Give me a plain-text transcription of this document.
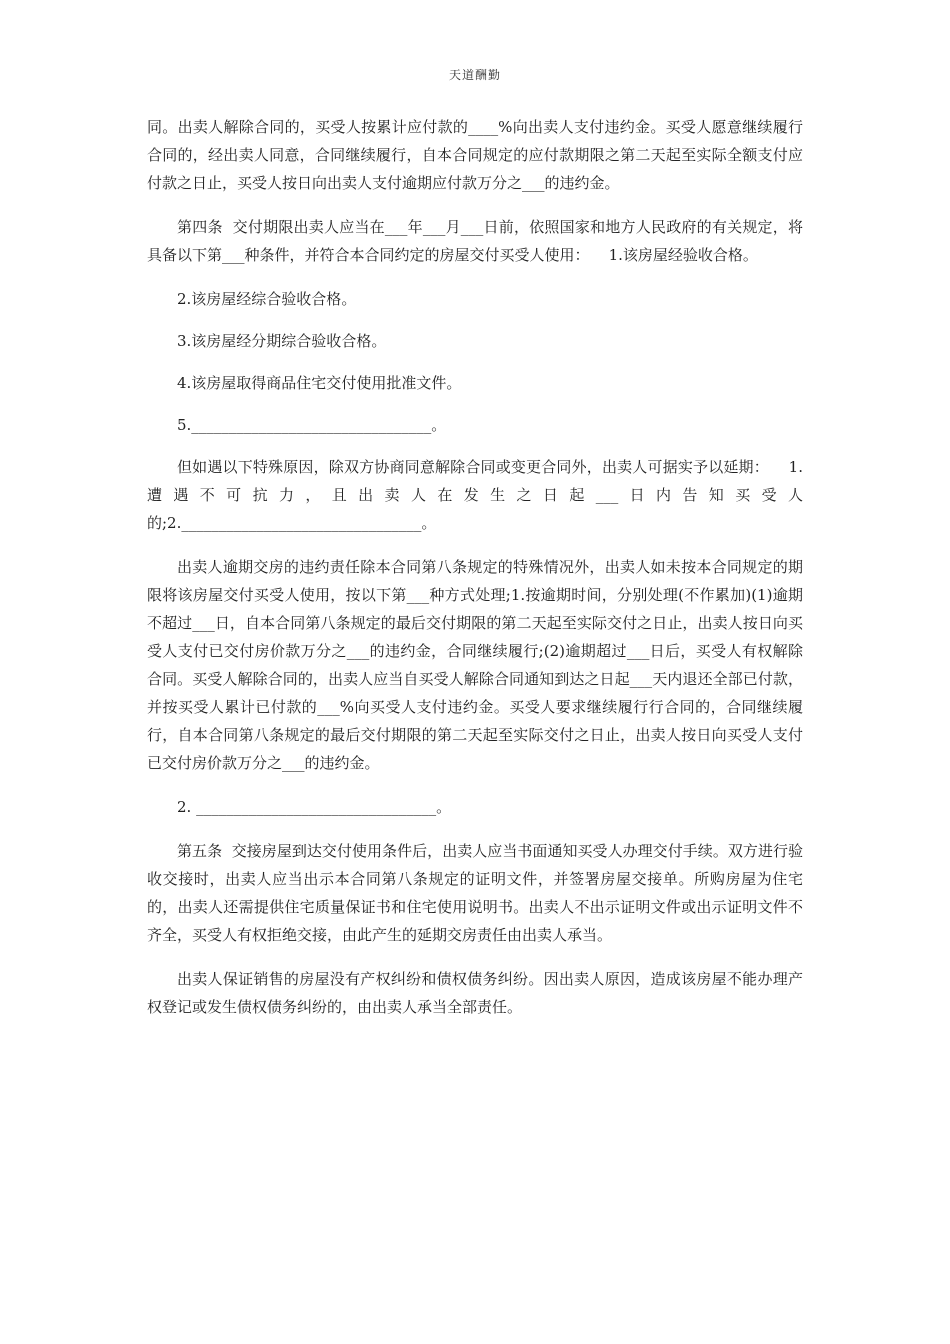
天道酬勤

同。出卖人解除合同的，买受人按累计应付款的____%向出卖人支付违约金。买受人愿意继续履行合同的，经出卖人同意，合同继续履行，自本合同规定的应付款期限之第二天起至实际全额支付应付款之日止，买受人按日向出卖人支付逾期应付款万分之___的违约金。

第四条  交付期限出卖人应当在___年___月___日前，依照国家和地方人民政府的有关规定，将具备以下第___种条件，并符合本合同约定的房屋交付买受人使用：    1.该房屋经验收合格。

2.该房屋经综合验收合格。

3.该房屋经分期综合验收合格。

4.该房屋取得商品住宅交付使用批准文件。

5.________________________________。

但如遇以下特殊原因，除双方协商同意解除合同或变更合同外，出卖人可据实予以延期：    1.遭遇不可抗力，且出卖人在发生之日起___日内告知买受人的;2.________________________________。

出卖人逾期交房的违约责任除本合同第八条规定的特殊情况外，出卖人如未按本合同规定的期限将该房屋交付买受人使用，按以下第___种方式处理;1.按逾期时间，分别处理(不作累加)(1)逾期不超过___日，自本合同第八条规定的最后交付期限的第二天起至实际交付之日止，出卖人按日向买受人支付已交付房价款万分之___的违约金，合同继续履行;(2)逾期超过___日后，买受人有权解除合同。买受人解除合同的，出卖人应当自买受人解除合同通知到达之日起___天内退还全部已付款，并按买受人累计已付款的___%向买受人支付违约金。买受人要求继续履行行合同的，合同继续履行，自本合同第八条规定的最后交付期限的第二天起至实际交付之日止，出卖人按日向买受人支付已交付房价款万分之___的违约金。

2. ________________________________。

第五条  交接房屋到达交付使用条件后，出卖人应当书面通知买受人办理交付手续。双方进行验收交接时，出卖人应当出示本合同第八条规定的证明文件，并签署房屋交接单。所购房屋为住宅的，出卖人还需提供住宅质量保证书和住宅使用说明书。出卖人不出示证明文件或出示证明文件不齐全，买受人有权拒绝交接，由此产生的延期交房责任由出卖人承当。

出卖人保证销售的房屋没有产权纠纷和债权债务纠纷。因出卖人原因，造成该房屋不能办理产权登记或发生债权债务纠纷的，由出卖人承当全部责任。
